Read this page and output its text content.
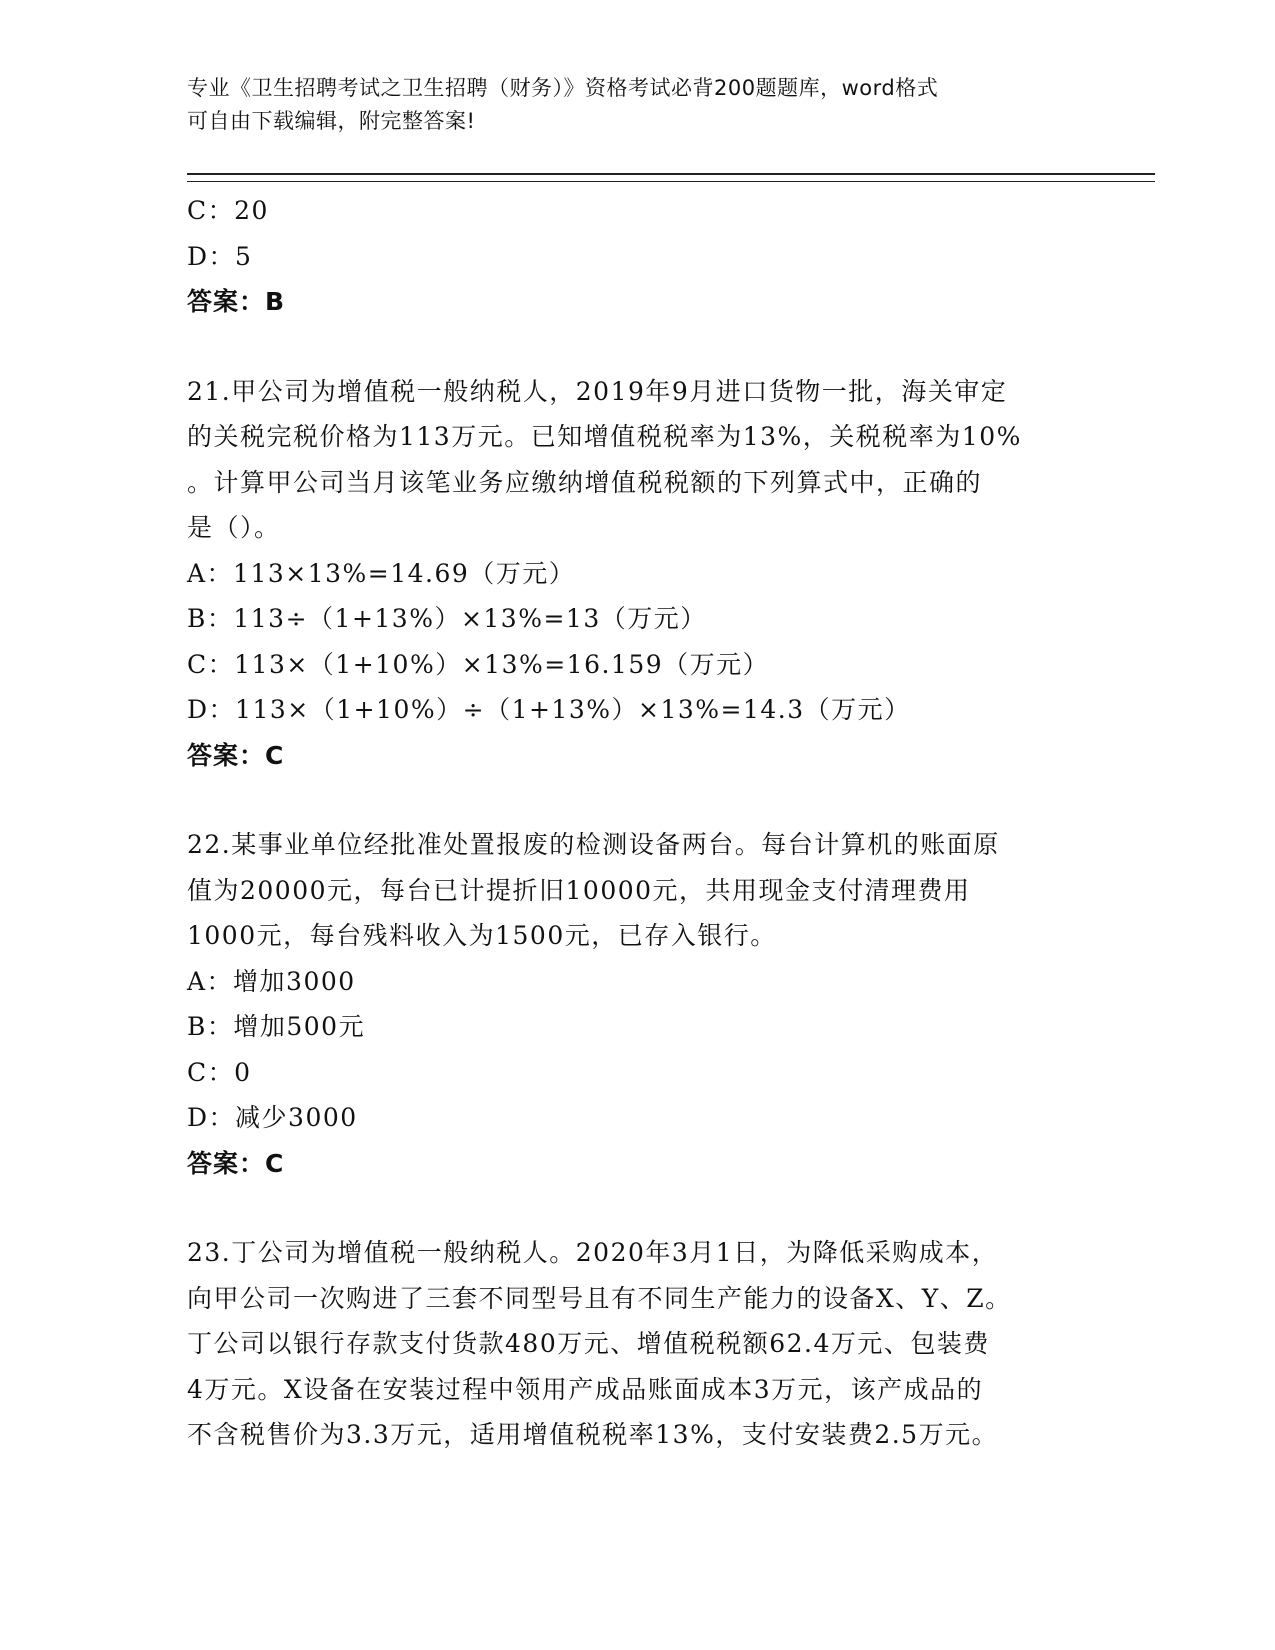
专业《卫生招聘考试之卫生招聘（财务）》资格考试必背200题题库，word格式
可自由下载编辑，附完整答案!
C：20
D：5
答案：B
21.甲公司为增值税一般纳税人，2019年9月进口货物一批，海关审定
的关税完税价格为113万元。已知增值税税率为13%，关税税率为10%
。计算甲公司当月该笔业务应缴纳增值税税额的下列算式中，正确的
是（）。
A：113×13%=14.69（万元）
B：113÷（1+13%）×13%=13（万元）
C：113×（1+10%）×13%=16.159（万元）
D：113×（1+10%）÷（1+13%）×13%=14.3（万元）
答案：C
22.某事业单位经批准处置报废的检测设备两台。每台计算机的账面原
值为20000元，每台已计提折旧10000元，共用现金支付清理费用
1000元，每台残料收入为1500元，已存入银行。
A：增加3000
B：增加500元
C：0
D：减少3000
答案：C
23.丁公司为增值税一般纳税人。2020年3月1日，为降低采购成本，
向甲公司一次购进了三套不同型号且有不同生产能力的设备X、Y、Z。
丁公司以银行存款支付货款480万元、增值税税额62.4万元、包装费
4万元。X设备在安装过程中领用产成品账面成本3万元，该产成品的
不含税售价为3.3万元，适用增值税税率13%，支付安装费2.5万元。
